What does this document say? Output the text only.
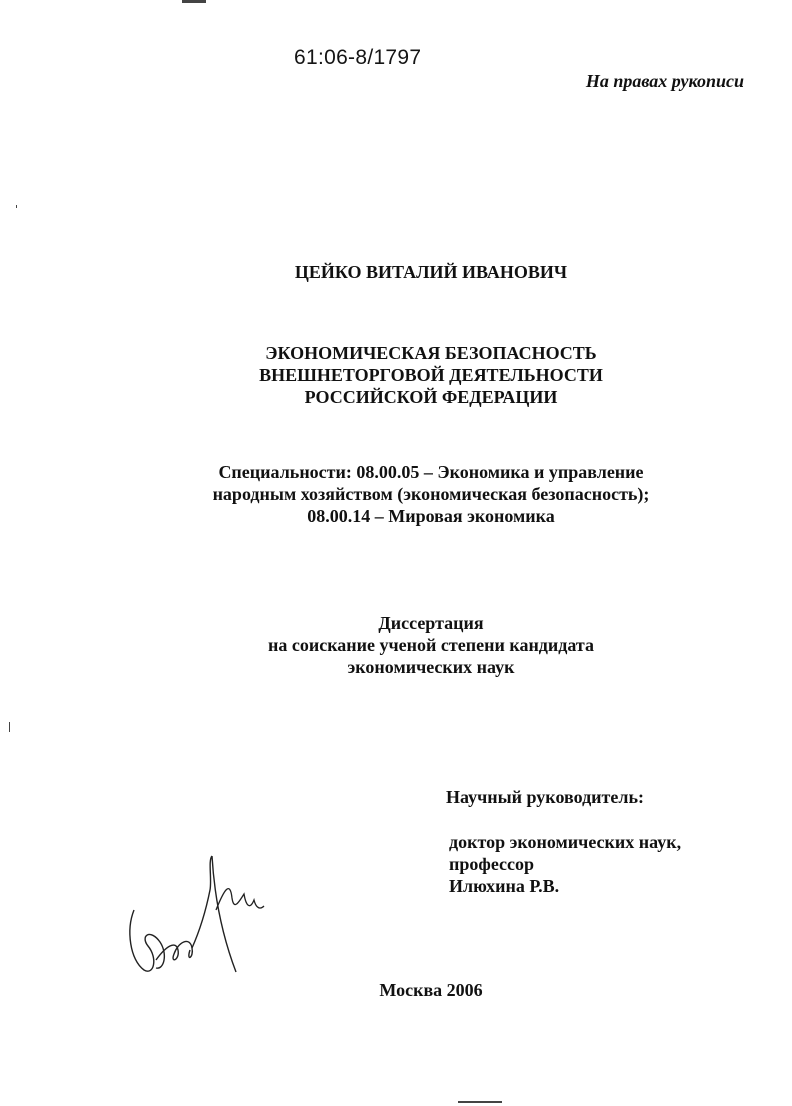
61:06-8/1797
На правах рукописи
ЦЕЙКО ВИТАЛИЙ ИВАНОВИЧ
ЭКОНОМИЧЕСКАЯ БЕЗОПАСНОСТЬ
ВНЕШНЕТОРГОВОЙ ДЕЯТЕЛЬНОСТИ
РОССИЙСКОЙ ФЕДЕРАЦИИ
Специальности: 08.00.05 – Экономика и управление
народным хозяйством (экономическая безопасность);
08.00.14 – Мировая экономика
Диссертация
на соискание ученой степени кандидата
экономических наук
Научный руководитель:
доктор экономических наук,
профессор
Илюхина Р.В.
Москва 2006
